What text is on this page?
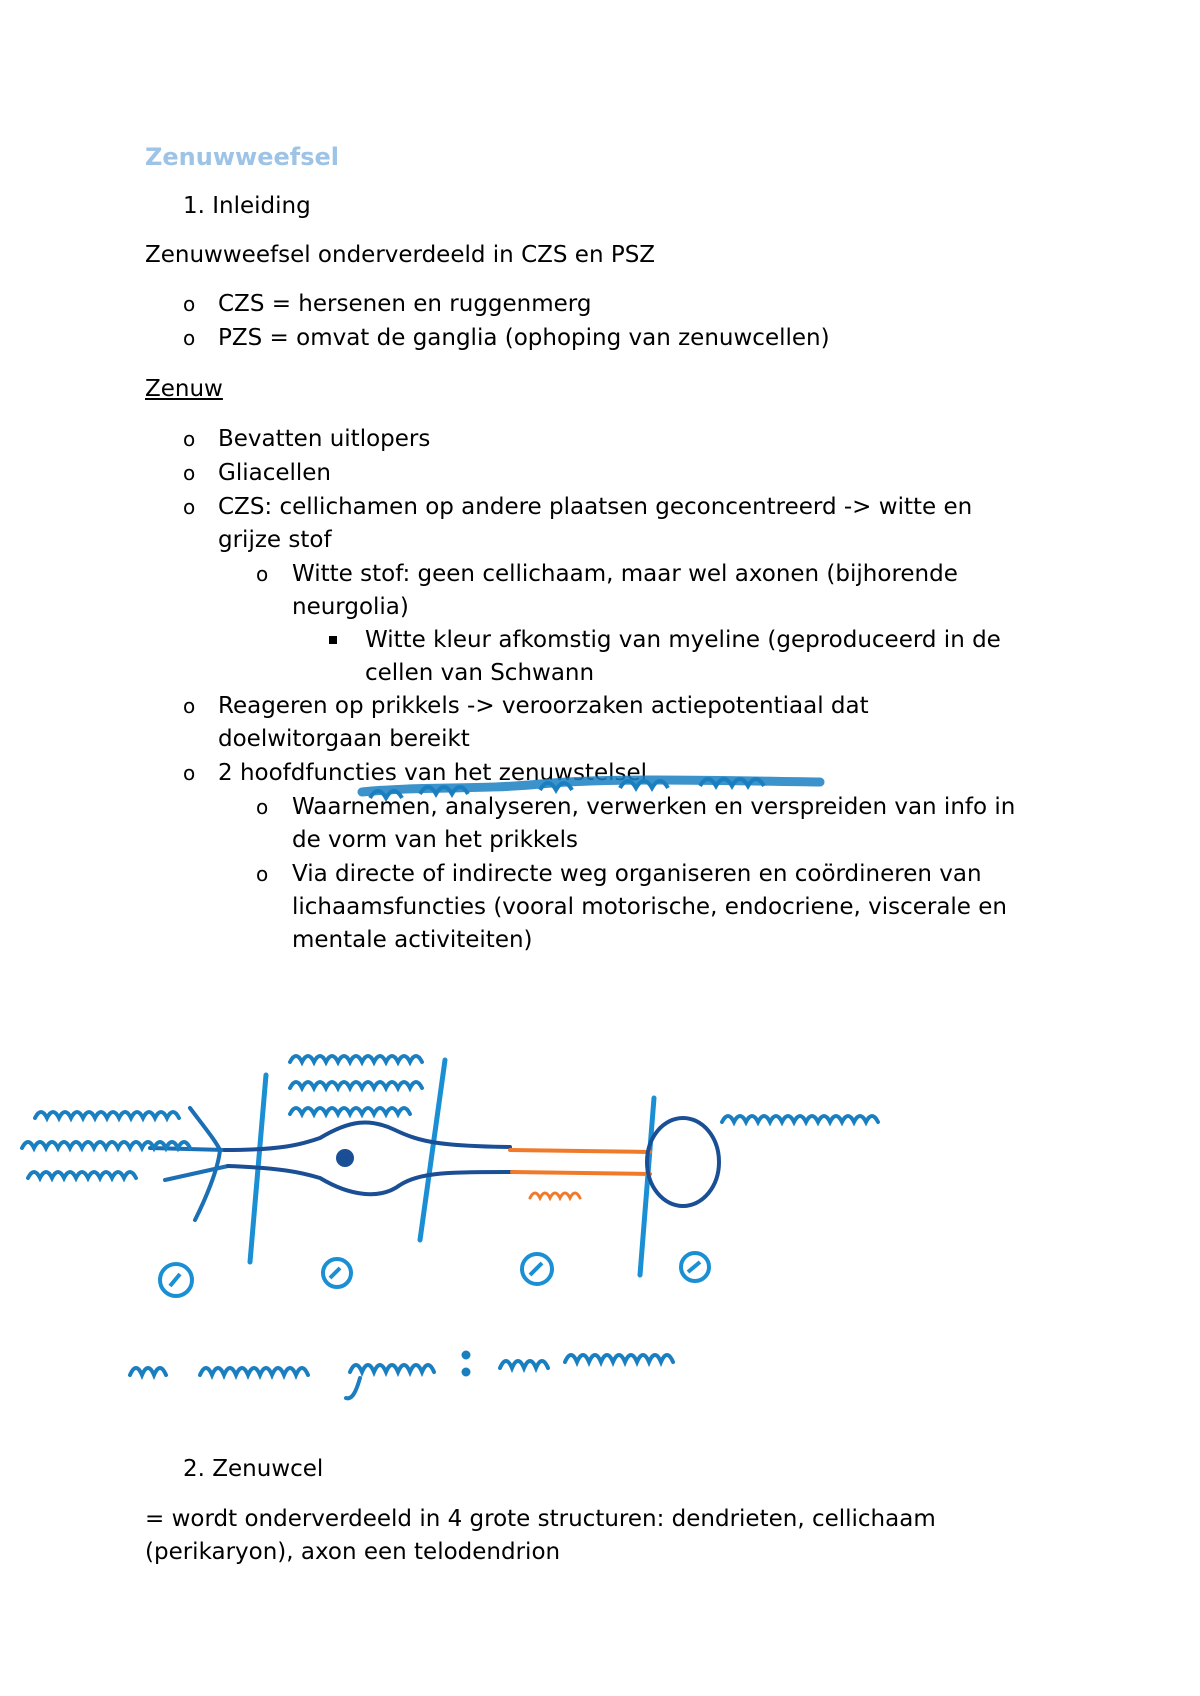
Zenuwweefsel
1. Inleiding

Zenuwweefsel onderverdeeld in CZS en PSZ

o CZS = hersenen en ruggenmerg

o PZS = omvat de ganglia (ophoping van zenuwcellen)

Zenuw

o Bevatten uitlopers

o Gliacellen

o CZS: cellichamen op andere plaatsen geconcentreerd -> witte en

grijze stof

o Witte stof: geen cellichaam, maar wel axonen (bijhorende

neurgolia)

Witte kleur afkomstig van myeline (geproduceerd in de

cellen van Schwann

o Reageren op prikkels -> veroorzaken actiepotentiaal dat

doelwitorgaan bereikt

o 2 hoofdfuncties van het zenuwstelsel

o Waarnemen, analyseren, verwerken en verspreiden van info in

de vorm van het prikkels

o Via directe of indirecte weg organiseren en coördineren van

lichaamsfuncties (vooral motorische, endocriene, viscerale en

mentale activiteiten)

2. Zenuwcel

= wordt onderverdeeld in 4 grote structuren: dendrieten, cellichaam

(perikaryon), axon een telodendrion
